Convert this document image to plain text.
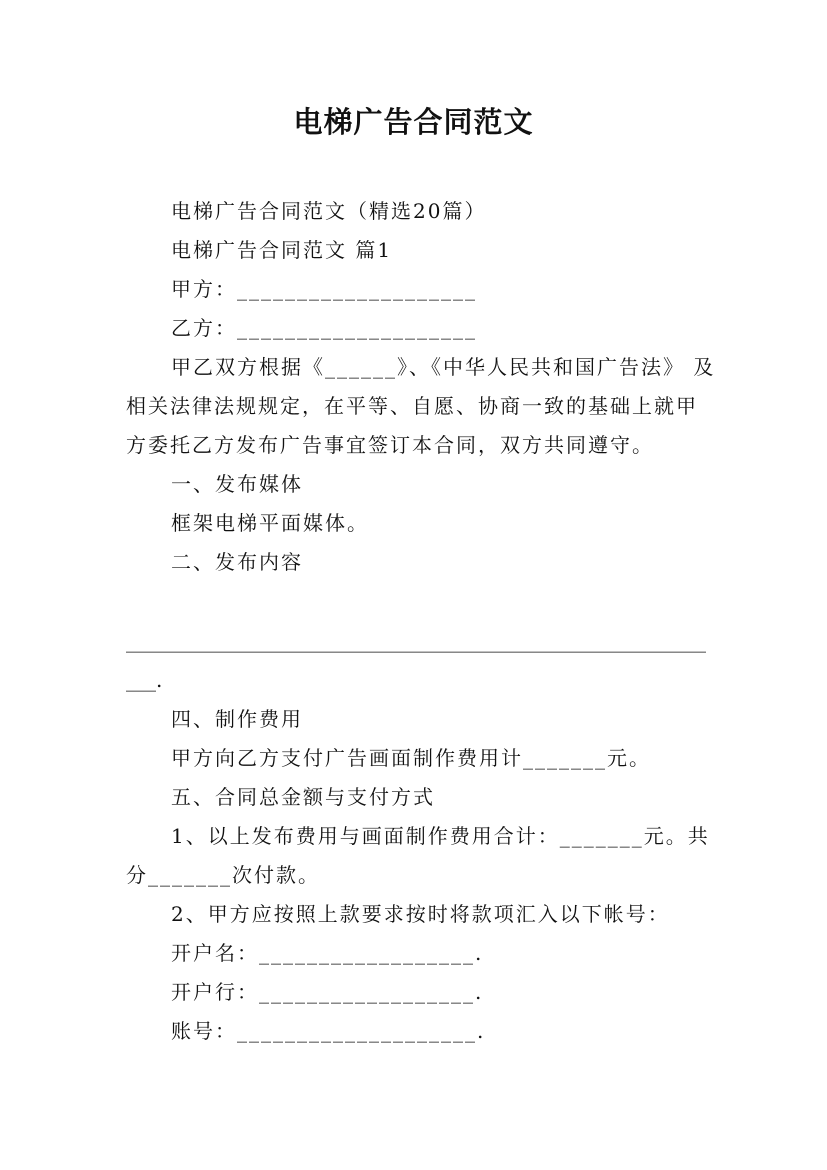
电梯广告合同范文
电梯广告合同范文（精选20篇）
电梯广告合同范文 篇1
甲方：____________________
乙方：____________________
甲乙双方根据《______》、《中华人民共和国广告法》 及
相关法律法规规定，在平等、自愿、协商一致的基础上就甲
方委托乙方发布广告事宜签订本合同，双方共同遵守。
一、发布媒体
框架电梯平面媒体。
二、发布内容
__________________________________________________________
___.
四、制作费用
甲方向乙方支付广告画面制作费用计_______元。
五、合同总金额与支付方式
1、以上发布费用与画面制作费用合计：_______元。共
分_______次付款。
2、甲方应按照上款要求按时将款项汇入以下帐号：
开户名：__________________.
开户行：__________________.
账号：____________________.
